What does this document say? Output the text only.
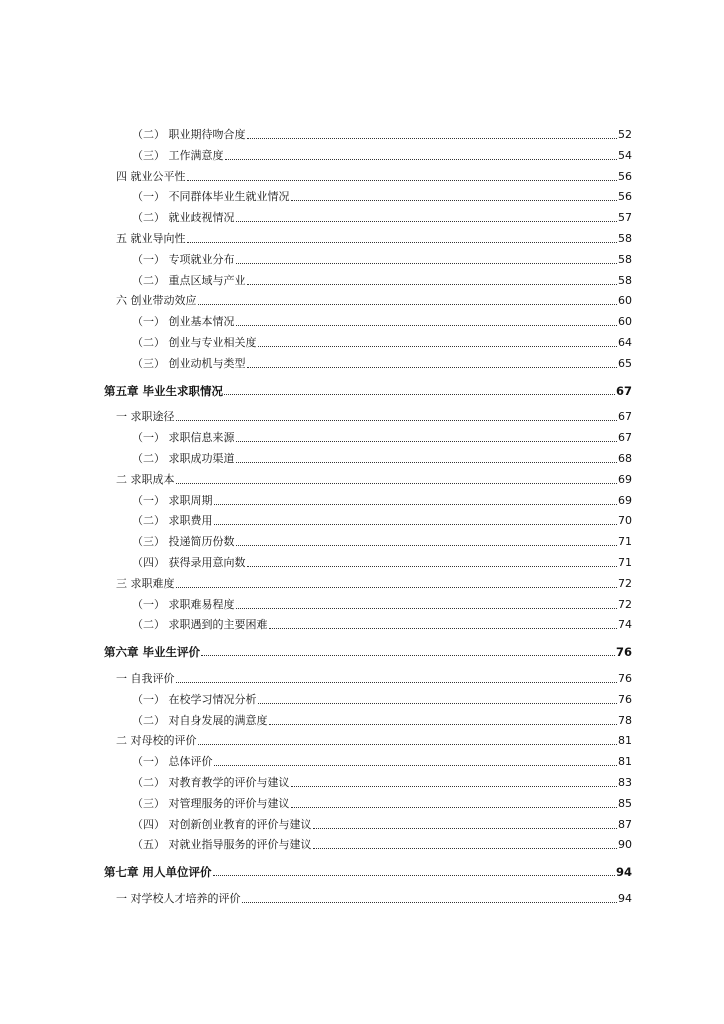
（二） 职业期待吻合度	52
（三） 工作满意度	54
四 就业公平性	56
（一） 不同群体毕业生就业情况	56
（二） 就业歧视情况	57
五 就业导向性	58
（一） 专项就业分布	58
（二） 重点区域与产业	58
六 创业带动效应	60
（一） 创业基本情况	60
（二） 创业与专业相关度	64
（三） 创业动机与类型	65
第五章 毕业生求职情况	67
一 求职途径	67
（一） 求职信息来源	67
（二） 求职成功渠道	68
二 求职成本	69
（一） 求职周期	69
（二） 求职费用	70
（三） 投递简历份数	71
（四） 获得录用意向数	71
三 求职难度	72
（一） 求职难易程度	72
（二） 求职遇到的主要困难	74
第六章 毕业生评价	76
一 自我评价	76
（一） 在校学习情况分析	76
（二） 对自身发展的满意度	78
二 对母校的评价	81
（一） 总体评价	81
（二） 对教育教学的评价与建议	83
（三） 对管理服务的评价与建议	85
（四） 对创新创业教育的评价与建议	87
（五） 对就业指导服务的评价与建议	90
第七章 用人单位评价	94
一 对学校人才培养的评价	94
